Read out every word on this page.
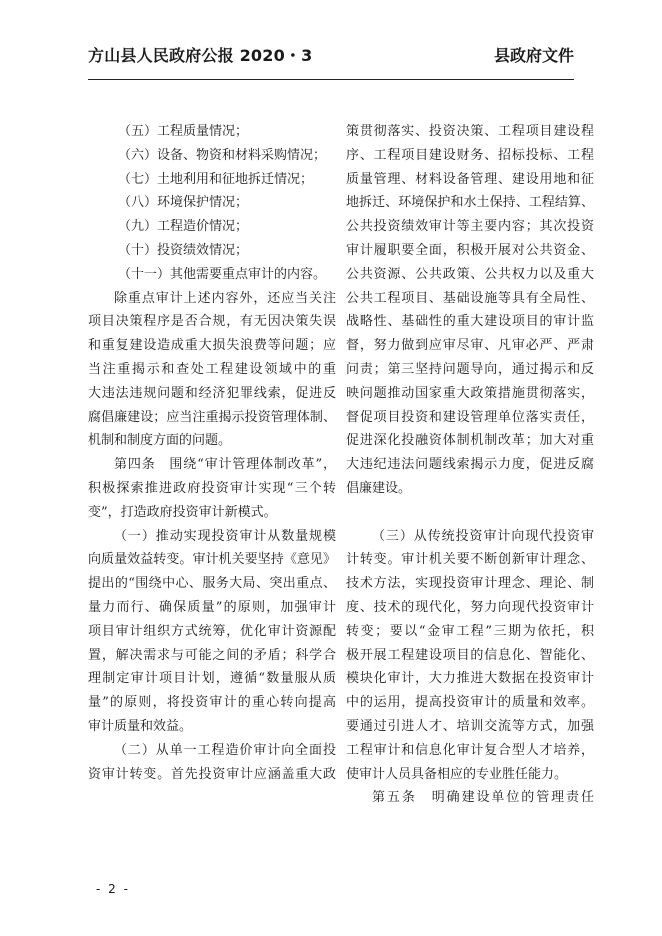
方山县人民政府公报 2020・3	县政府文件
（五）工程质量情况；
（六）设备、物资和材料采购情况；
（七）土地利用和征地拆迁情况；
（八）环境保护情况；
（九）工程造价情况；
（十）投资绩效情况；
（十一）其他需要重点审计的内容。
除重点审计上述内容外，还应当关注
项目决策程序是否合规，有无因决策失误
和重复建设造成重大损失浪费等问题；应
当注重揭示和查处工程建设领域中的重
大违法违规问题和经济犯罪线索，促进反
腐倡廉建设；应当注重揭示投资管理体制、
机制和制度方面的问题。
第四条　围绕“审计管理体制改革”，
积极探索推进政府投资审计实现“三个转
变”，打造政府投资审计新模式。
（一）推动实现投资审计从数量规模
向质量效益转变。审计机关要坚持《意见》
提出的“围绕中心、服务大局、突出重点、
量力而行、确保质量”的原则，加强审计
项目审计组织方式统筹，优化审计资源配
置，解决需求与可能之间的矛盾；科学合
理制定审计项目计划，遵循“数量服从质
量”的原则，将投资审计的重心转向提高
审计质量和效益。
（二）从单一工程造价审计向全面投
资审计转变。首先投资审计应涵盖重大政
策贯彻落实、投资决策、工程项目建设程
序、工程项目建设财务、招标投标、工程
质量管理、材料设备管理、建设用地和征
地拆迁、环境保护和水土保持、工程结算、
公共投资绩效审计等主要内容；其次投资
审计履职要全面，积极开展对公共资金、
公共资源、公共政策、公共权力以及重大
公共工程项目、基础设施等具有全局性、
战略性、基础性的重大建设项目的审计监
督，努力做到应审尽审、凡审必严、严肃
问责；第三坚持问题导向，通过揭示和反
映问题推动国家重大政策措施贯彻落实，
督促项目投资和建设管理单位落实责任，
促进深化投融资体制机制改革；加大对重
大违纪违法问题线索揭示力度，促进反腐
倡廉建设。
（三）从传统投资审计向现代投资审
计转变。审计机关要不断创新审计理念、
技术方法，实现投资审计理念、理论、制
度、技术的现代化，努力向现代投资审计
转变；要以“金审工程”三期为依托，积
极开展工程建设项目的信息化、智能化、
模块化审计，大力推进大数据在投资审计
中的运用，提高投资审计的质量和效率。
要通过引进人才、培训交流等方式，加强
工程审计和信息化审计复合型人才培养，
使审计人员具备相应的专业胜任能力。
第五条　明确建设单位的管理责任
- 2 -
